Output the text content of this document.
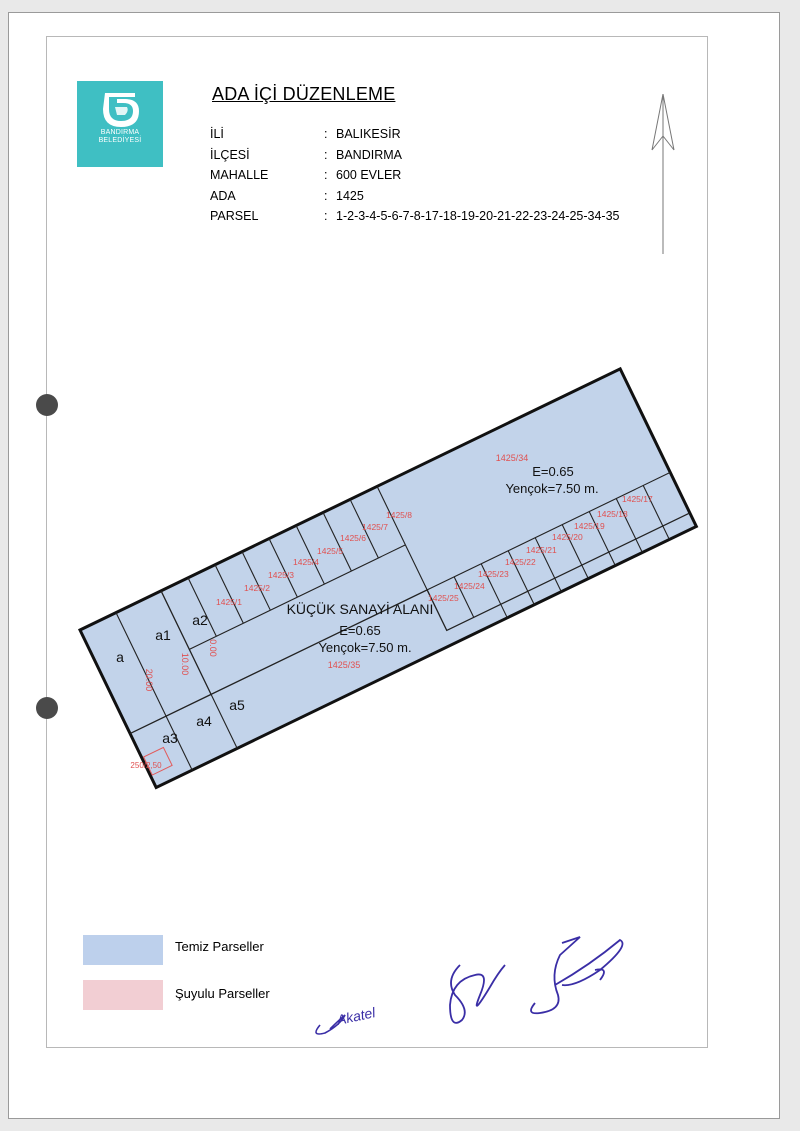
BANDIRMA
BELEDİYESİ
ADA İÇİ DÜZENLEME
İLİ	: BALIKESİR
İLÇESİ	: BANDIRMA
MAHALLE	: 600 EVLER
ADA	: 1425
PARSEL	: 1-2-3-4-5-6-7-8-17-18-19-20-21-22-23-24-25-34-35
KÜÇÜK SANAYİ ALANI
E=0.65
Yençok=7.50 m.
1425/35
E=0.65
Yençok=7.50 m.
1425/34
a
a1
a2
a3
a4
a5
20.00
10.00
0.00
250/2,50
1425/1
1425/2
1425/3
1425/4
1425/5
1425/6
1425/7
1425/8
1425/25
1425/24
1425/23
1425/22
1425/21
1425/20
1425/19
1425/18
1425/17
Temiz Parseller
Şuyulu Parseller
Akatel
